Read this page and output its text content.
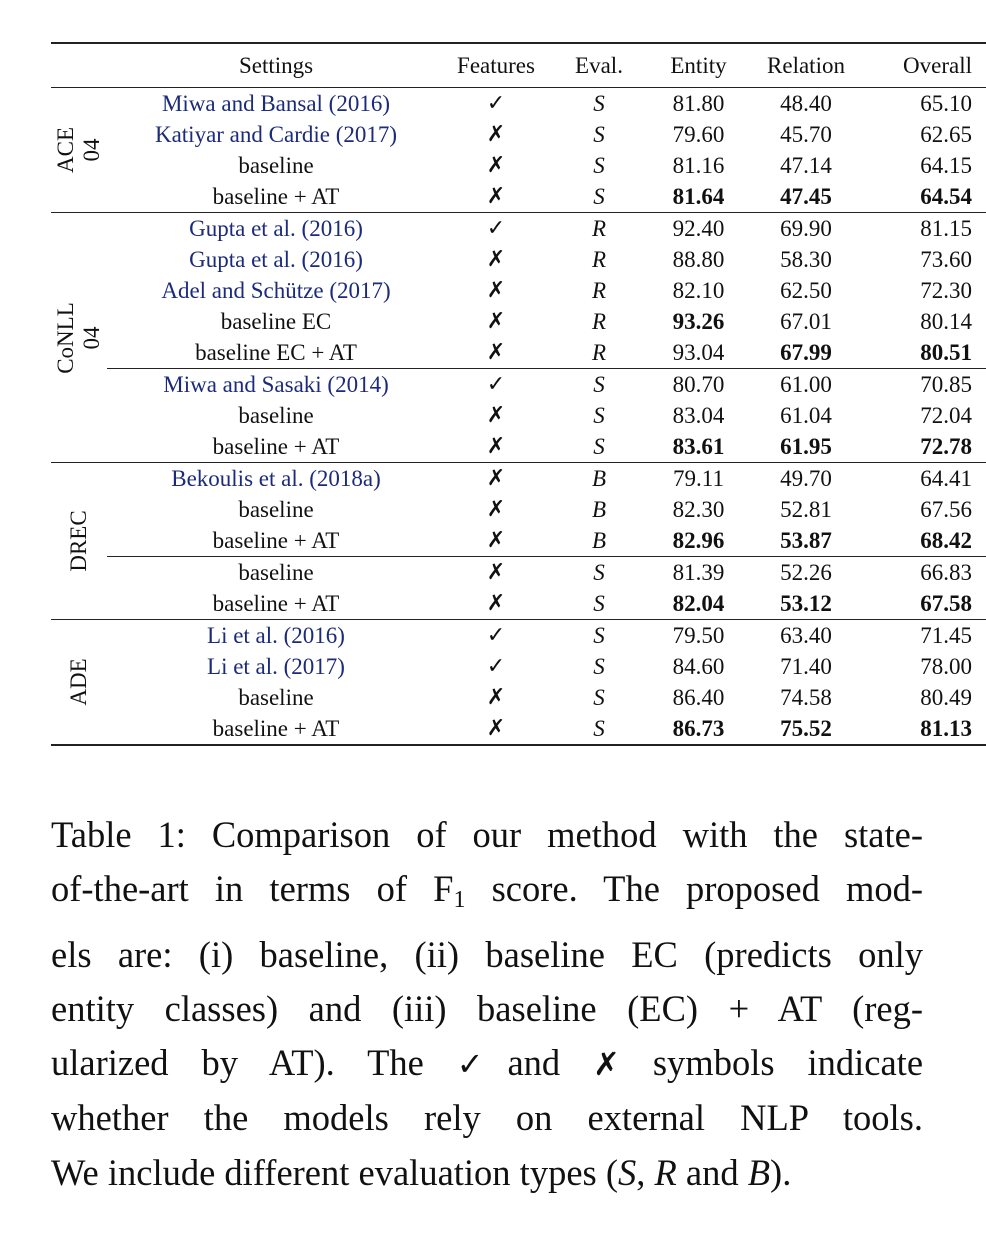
	Settings	Features	Eval.	Entity	Relation	Overall

ACE 04	Miwa and Bansal (2016)	✓	S	81.80	48.40	65.10
	Katiyar and Cardie (2017)	✗	S	79.60	45.70	62.65
	baseline	✗	S	81.16	47.14	64.15
	baseline + AT	✗	S	81.64	47.45	64.54

CoNLL 04	Gupta et al. (2016)	✓	R	92.40	69.90	81.15
	Gupta et al. (2016)	✗	R	88.80	58.30	73.60
	Adel and Schütze (2017)	✗	R	82.10	62.50	72.30
	baseline EC	✗	R	93.26	67.01	80.14
	baseline EC + AT	✗	R	93.04	67.99	80.51
	Miwa and Sasaki (2014)	✓	S	80.70	61.00	70.85
	baseline	✗	S	83.04	61.04	72.04
	baseline + AT	✗	S	83.61	61.95	72.78

DREC	Bekoulis et al. (2018a)	✗	B	79.11	49.70	64.41
	baseline	✗	B	82.30	52.81	67.56
	baseline + AT	✗	B	82.96	53.87	68.42
	baseline	✗	S	81.39	52.26	66.83
	baseline + AT	✗	S	82.04	53.12	67.58

ADE	Li et al. (2016)	✓	S	79.50	63.40	71.45
	Li et al. (2017)	✓	S	84.60	71.40	78.00
	baseline	✗	S	86.40	74.58	80.49
	baseline + AT	✗	S	86.73	75.52	81.13
Table 1: Comparison of our method with the state-
of-the-art in terms of $F_1$ score. The proposed mod-
els are: (i) baseline, (ii) baseline EC (predicts only
entity classes) and (iii) baseline (EC) + AT (reg-
ularized by AT). The ✓and ✗ symbols indicate
whether the models rely on external NLP tools.
We include different evaluation types (S, R and B).
